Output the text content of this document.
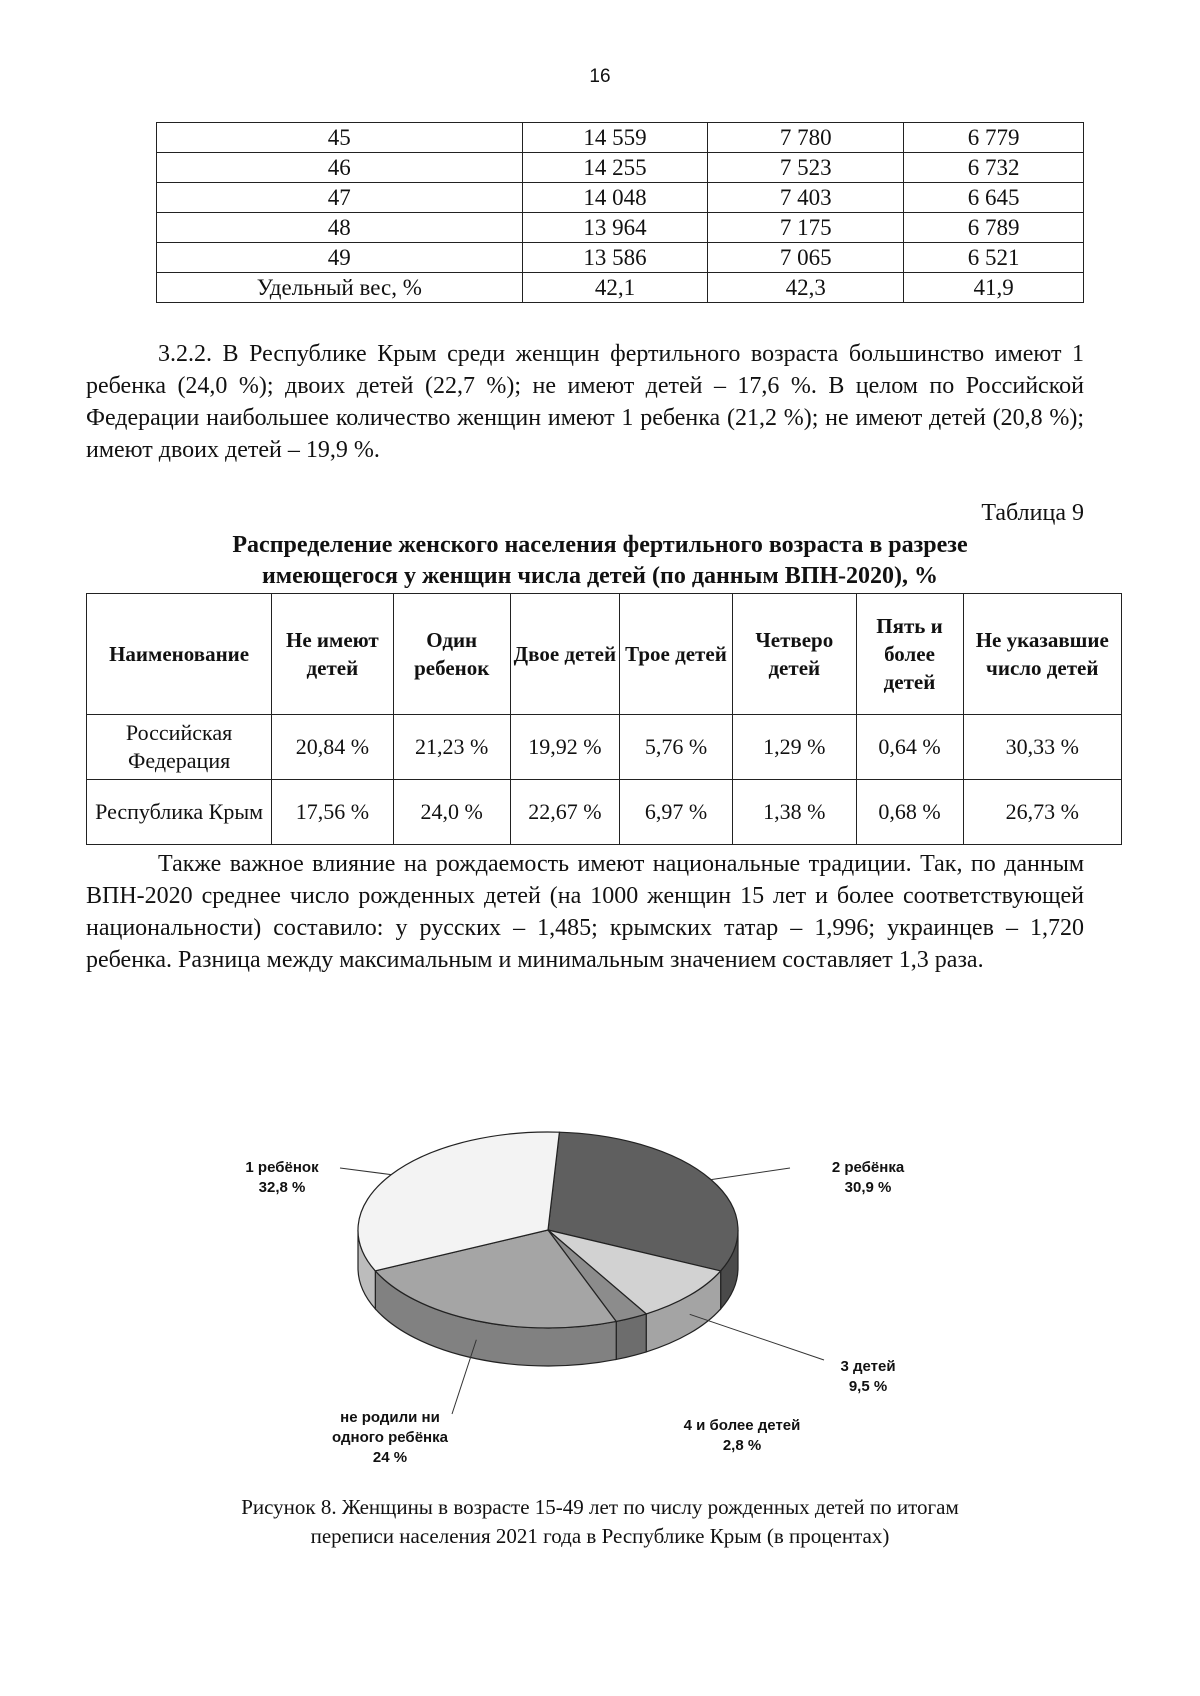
16
45	14 559	7 780	6 779
46	14 255	7 523	6 732
47	14 048	7 403	6 645
48	13 964	7 175	6 789
49	13 586	7 065	6 521
Удельный вес, %	42,1	42,3	41,9

3.2.2. В Республике Крым среди женщин фертильного возраста большинство имеют 1 ребенка (24,0 %); двоих детей (22,7 %); не имеют детей – 17,6 %. В целом по Российской Федерации наибольшее количество женщин имеют 1 ребенка (21,2 %); не имеют детей (20,8 %); имеют двоих детей – 19,9 %.

Таблица 9
Распределение женского населения фертильного возраста в разрезе
имеющегося у женщин числа детей (по данным ВПН-2020), %
Наименование	Не имеют детей	Один ребенок	Двое детей	Трое детей	Четверо детей	Пять и более детей	Не указавшие число детей
Российская Федерация	20,84 %	21,23 %	19,92 %	5,76 %	1,29 %	0,64 %	30,33 %
Республика Крым	17,56 %	24,0 %	22,67 %	6,97 %	1,38 %	0,68 %	26,73 %

Также важное влияние на рождаемость имеют национальные традиции. Так, по данным ВПН-2020 среднее число рожденных детей (на 1000 женщин 15 лет и более соответствующей национальности) составило: у русских – 1,485; крымских татар – 1,996; украинцев – 1,720 ребенка. Разница между максимальным и минимальным значением составляет 1,3 раза.

2 ребёнка
30,9 %
3 детей
9,5 %
4 и более детей
2,8 %
не родили ни
одного ребёнка
24 %
1 ребёнок
32,8 %
Рисунок 8. Женщины в возрасте 15-49 лет по числу рожденных детей по итогам
переписи населения 2021 года в Республике Крым (в процентах)
